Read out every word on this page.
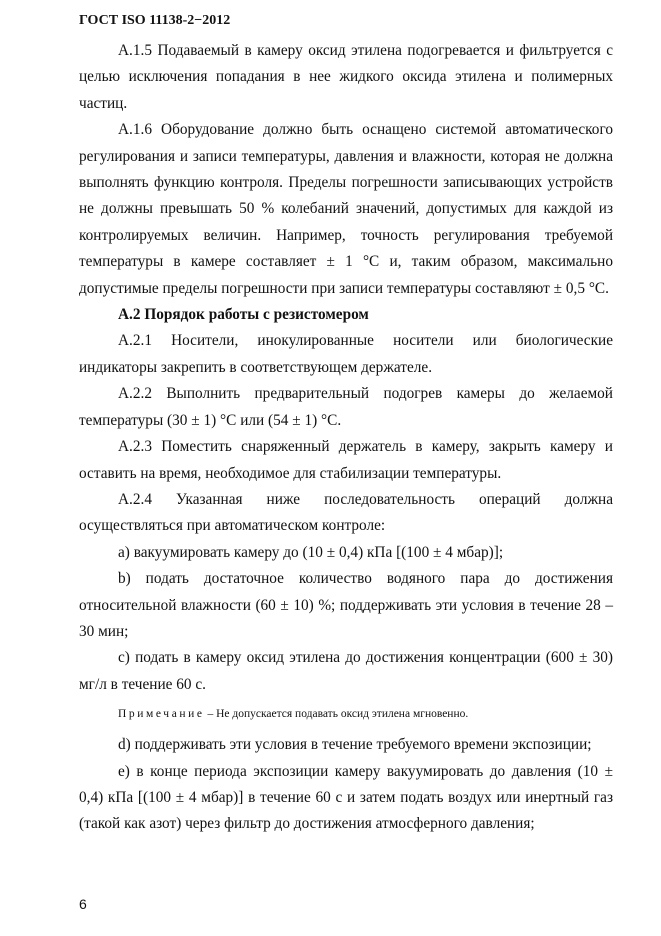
ГОСТ ISO 11138-2−2012

А.1.5 Подаваемый в камеру оксид этилена подогревается и фильтруется с целью исключения попадания в нее жидкого оксида этилена и полимерных частиц.

А.1.6 Оборудование должно быть оснащено системой автоматического регулирования и записи температуры, давления и влажности, которая не должна выполнять функцию контроля. Пределы погрешности записывающих устройств не должны превышать 50 % колебаний значений, допустимых для каждой из контролируемых величин. Например, точность регулирования требуемой температуры в камере составляет ± 1 °С и, таким образом, максимально допустимые пределы погрешности при записи температуры составляют ± 0,5 °С.

А.2 Порядок работы с резистомером

А.2.1 Носители, инокулированные носители или биологические индикаторы закрепить в соответствующем держателе.

А.2.2 Выполнить предварительный подогрев камеры до желаемой температуры (30 ± 1) °С или (54 ± 1) °С.

А.2.3 Поместить снаряженный держатель в камеру, закрыть камеру и оставить на время, необходимое для стабилизации температуры.

А.2.4 Указанная ниже последовательность операций должна осуществляться при автоматическом контроле:

а) вакуумировать камеру до (10 ± 0,4) кПа [(100 ± 4 мбар)];

b) подать достаточное количество водяного пара до достижения относительной влажности (60 ± 10) %; поддерживать эти условия в течение 28 – 30 мин;

с) подать в камеру оксид этилена до достижения концентрации (600 ± 30) мг/л в течение 60 с.

Примечание – Не допускается подавать оксид этилена мгновенно.

d) поддерживать эти условия в течение требуемого времени экспозиции;

е) в конце периода экспозиции камеру вакуумировать до давления (10 ± 0,4) кПа [(100 ± 4 мбар)] в течение 60 с и затем подать воздух или инертный газ (такой как азот) через фильтр до достижения атмосферного давления;

6
